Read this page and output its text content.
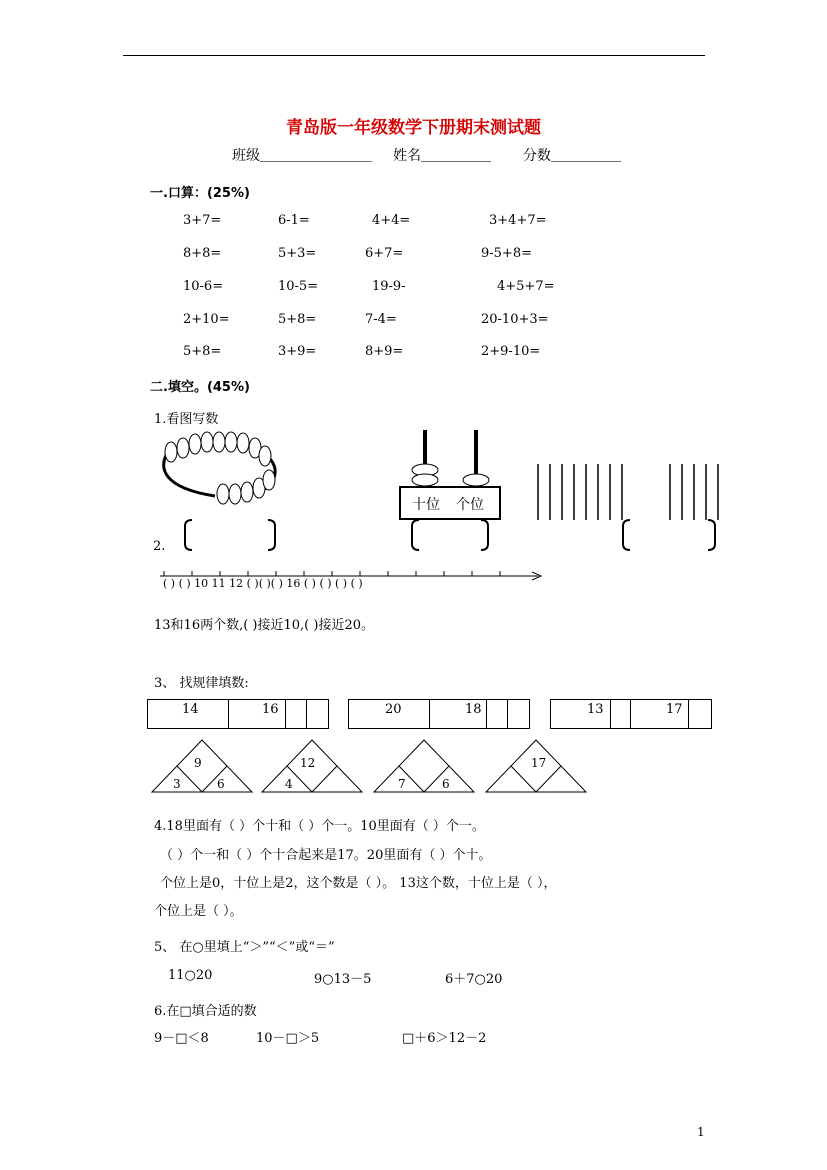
青岛版一年级数学下册期末测试题
班级＿＿＿＿＿＿＿＿ 姓名＿＿＿＿＿ 分数＿＿＿＿＿
一.口算：(25%)
3+7=	6-1=	4+4=	3+4+7=
8+8=	5+3=	6+7=	9-5+8=
10-6=	10-5=	19-9-	4+5+7=
2+10=	5+8=	7-4=	20-10+3=
5+8=	3+9=	8+9=	2+9-10=
二.填空。(45%)
1.看图写数
十位 个位
2.
( ) ( ) 10 11 12 ( )( )( ) 16 ( ) ( ) ( ) ( )
13和16两个数,( )接近10,( )接近20。
3、 找规律填数:
14	16	20	18	13	17
9
3	6
12
4	7	6
17
4.18里面有（ ）个十和（ ）个一。10里面有（ ）个一。
（ ）个一和（ ）个十合起来是17。20里面有（ ）个十。
个位上是0，十位上是2，这个数是（ ）。 13这个数，十位上是（ ），
个位上是（ ）。
5、 在○里填上“＞”“＜”或“＝”
11○20	9○13－5	6＋7○20
6.在□填合适的数
9－□＜8	10－□＞5	□＋6＞12－2
1
